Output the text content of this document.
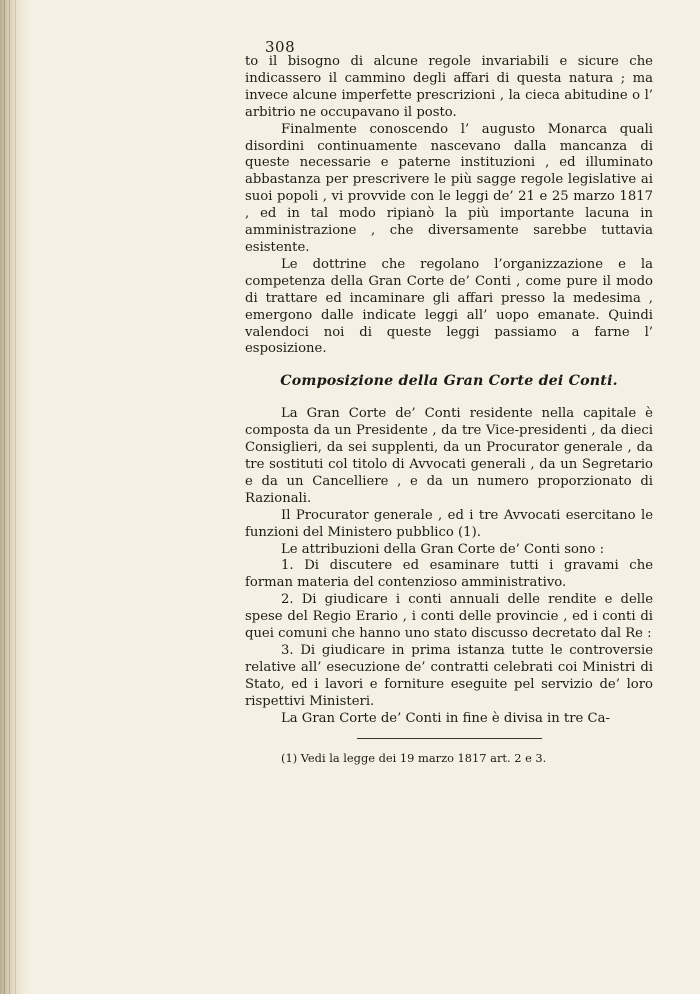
308

to il bisogno di alcune regole invariabili e sicure che indicassero il cammino degli affari di questa natura ; ma invece alcune imperfette prescrizioni , la cieca abitudine o l’ arbitrio ne occupavano il posto.

Finalmente conoscendo l’ augusto Monarca quali disordini continuamente nascevano dalla mancanza di queste necessarie e paterne instituzioni , ed illuminato abbastanza per prescrivere le più sagge regole legislative ai suoi popoli , vi provvide con le leggi de’ 21 e 25 marzo 1817 , ed in tal modo ripianò la più importante lacuna in amministrazione , che diversamente sarebbe tuttavia esistente.

Le dottrine che regolano l’organizzazione e la competenza della Gran Corte de’ Conti , come pure il modo di trattare ed incaminare gli affari presso la medesima , emergono dalle indicate leggi all’ uopo emanate. Quindi valendoci noi di queste leggi passiamo a farne l’ esposizione.

Composizione della Gran Corte dei Conti.

La Gran Corte de’ Conti residente nella capitale è composta da un Presidente , da tre Vice-presidenti , da dieci Consiglieri, da sei supplenti, da un Procurator generale , da tre sostituti col titolo di Avvocati generali , da un Segretario e da un Cancelliere , e da un numero proporzionato di Razionali.

Il Procurator generale , ed i tre Avvocati esercitano le funzioni del Ministero pubblico (1).

Le attribuzioni della Gran Corte de’ Conti sono :

1. Di discutere ed esaminare tutti i gravami che forman materia del contenzioso amministrativo.

2. Di giudicare i conti annuali delle rendite e delle spese del Regio Erario , i conti delle provincie , ed i conti di quei comuni che hanno uno stato discusso decretato dal Re :

3. Di giudicare in prima istanza tutte le controversie relative all’ esecuzione de’ contratti celebrati coi Ministri di Stato, ed i lavori e forniture eseguite pel servizio de’ loro rispettivi Ministeri.

La Gran Corte de’ Conti in fine è divisa in tre Ca-

(1) Vedi la legge dei 19 marzo 1817 art. 2 e 3.
